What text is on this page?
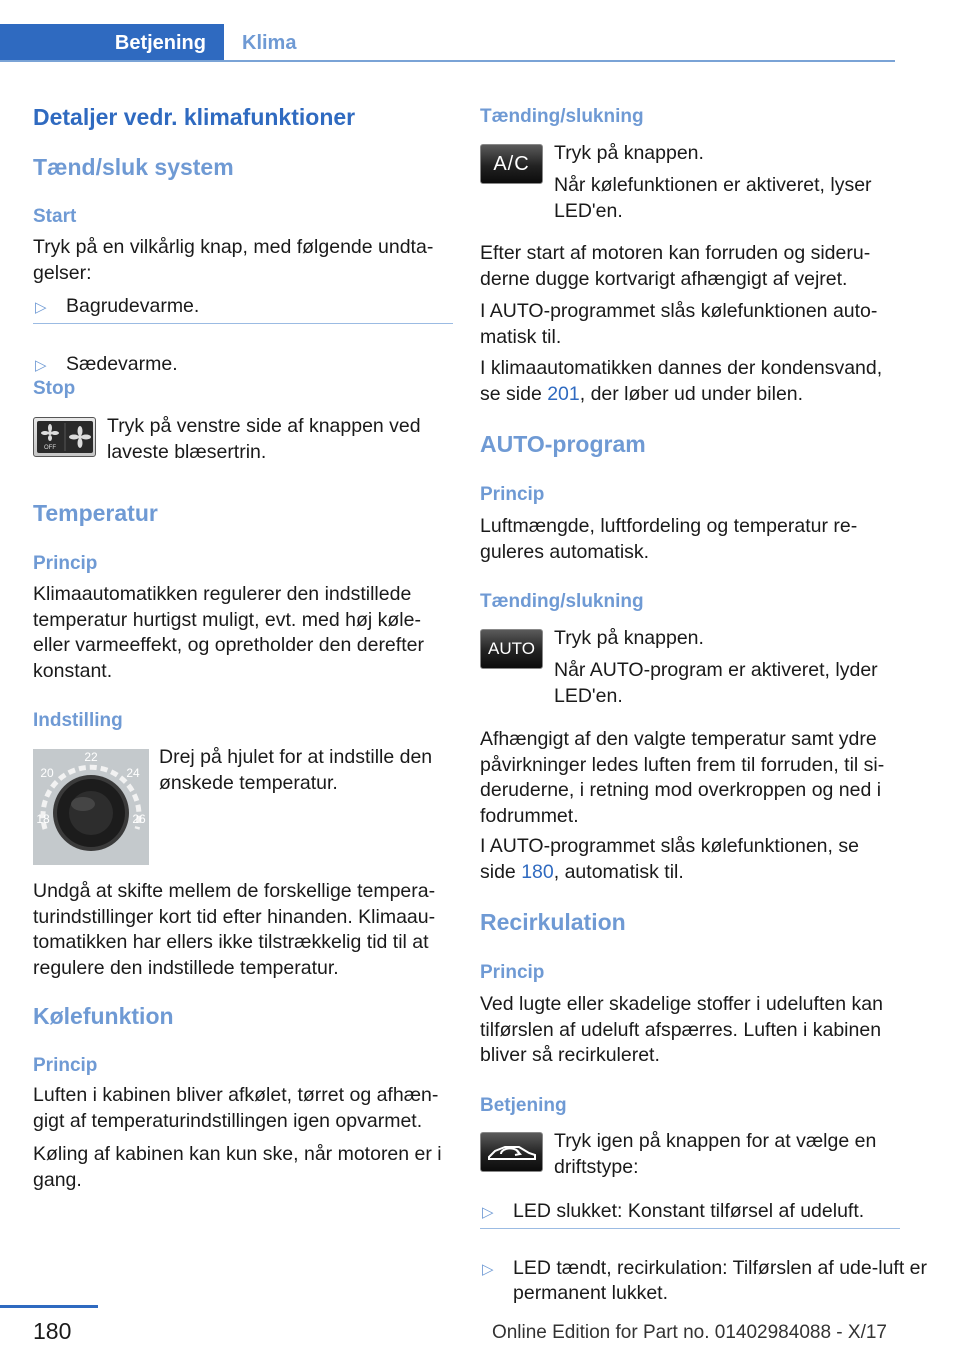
Betjening	Klima
Detaljer vedr. klimafunktioner
Tænd/sluk system
Start
Tryk på en vilkårlig knap, med følgende undta-gelser:
▷ Bagrudevarme.
▷ Sædevarme.
Stop
OFF
Tryk på venstre side af knappen ved laveste blæsertrin.
Temperatur
Princip
Klimaautomatikken regulerer den indstillede temperatur hurtigst muligt, evt. med høj køle- eller varmeeffekt, og opretholder den derefter konstant.
Indstilling
22
20	24
18	26
Drej på hjulet for at indstille den ønskede temperatur.
Undgå at skifte mellem de forskellige tempera-turindstillinger kort tid efter hinanden. Klimaau-tomatikken har ellers ikke tilstrækkelig tid til at regulere den indstillede temperatur.
Kølefunktion
Princip
Luften i kabinen bliver afkølet, tørret og afhæn-gigt af temperaturindstillingen igen opvarmet.
Køling af kabinen kan kun ske, når motoren er i gang.
Tænding/slukning
A/C Tryk på knappen.
Når kølefunktionen er aktiveret, lyser LED'en.
Efter start af motoren kan forruden og sideru-derne dugge kortvarigt afhængigt af vejret.
I AUTO-programmet slås kølefunktionen auto-matisk til.
I klimaautomatikken dannes der kondensvand, se side 201, der løber ud under bilen.
AUTO-program
Princip
Luftmængde, luftfordeling og temperatur re-guleres automatisk.
Tænding/slukning
AUTO Tryk på knappen.
Når AUTO-program er aktiveret, lyder LED'en.
Afhængigt af den valgte temperatur samt ydre påvirkninger ledes luften frem til forruden, til si-deruderne, i retning mod overkroppen og ned i fodrummet.
I AUTO-programmet slås kølefunktionen, se side 180, automatisk til.
Recirkulation
Princip
Ved lugte eller skadelige stoffer i udeluften kan tilførslen af udeluft afspærres. Luften i kabinen bliver så recirkuleret.
Betjening
Tryk igen på knappen for at vælge en driftstype:
▷ LED slukket: Konstant tilførsel af udeluft.
▷ LED tændt, recirkulation: Tilførslen af ude-luft er permanent lukket.
180	Online Edition for Part no. 01402984088 - X/17
